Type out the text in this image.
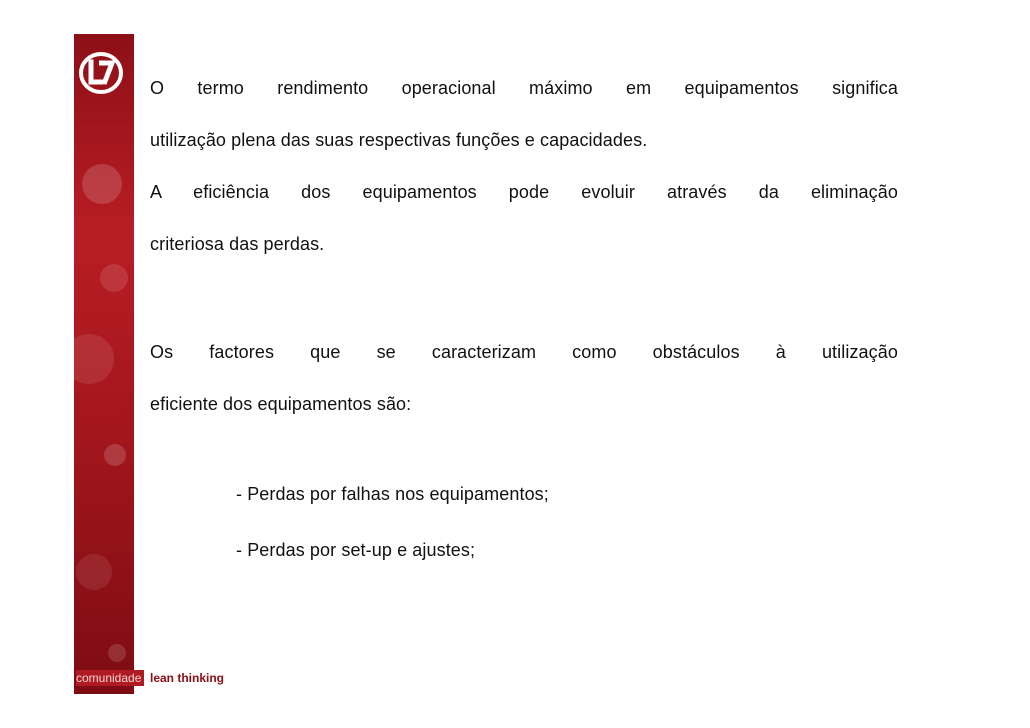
O termo rendimento operacional máximo em equipamentos significa
utilização plena das suas respectivas funções e capacidades.
A eficiência dos equipamentos pode evoluir através da eliminação
criteriosa das perdas.
Os factores que se caracterizam como obstáculos à utilização
eficiente dos equipamentos são:
- Perdas por falhas nos equipamentos;
- Perdas por set-up e ajustes;
comunidade lean thinking
